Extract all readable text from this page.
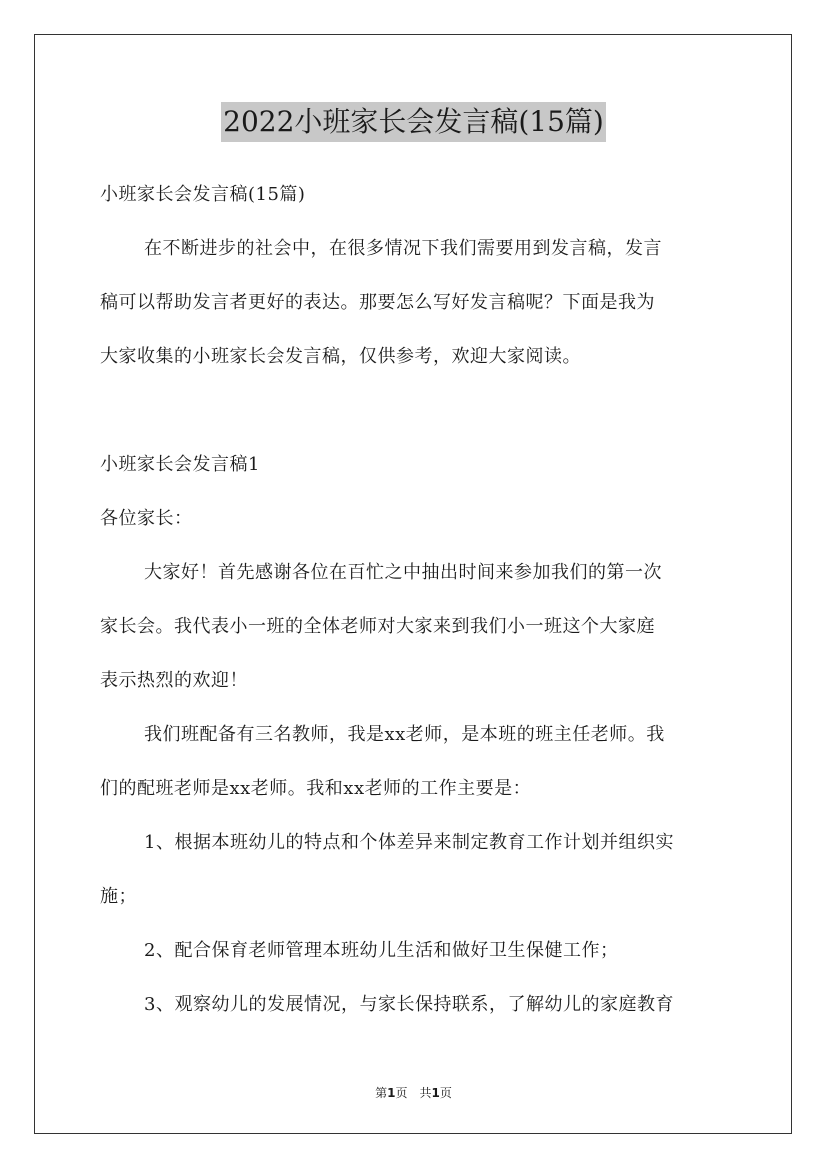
2022小班家长会发言稿(15篇)
小班家长会发言稿(15篇)
在不断进步的社会中，在很多情况下我们需要用到发言稿，发言
稿可以帮助发言者更好的表达。那要怎么写好发言稿呢？下面是我为
大家收集的小班家长会发言稿，仅供参考，欢迎大家阅读。
小班家长会发言稿1
各位家长：
大家好！首先感谢各位在百忙之中抽出时间来参加我们的第一次
家长会。我代表小一班的全体老师对大家来到我们小一班这个大家庭
表示热烈的欢迎！
我们班配备有三名教师，我是xx老师，是本班的班主任老师。我
们的配班老师是xx老师。我和xx老师的工作主要是：
1、根据本班幼儿的特点和个体差异来制定教育工作计划并组织实
施；
2、配合保育老师管理本班幼儿生活和做好卫生保健工作；
3、观察幼儿的发展情况，与家长保持联系，了解幼儿的家庭教育
第1页　共1页
